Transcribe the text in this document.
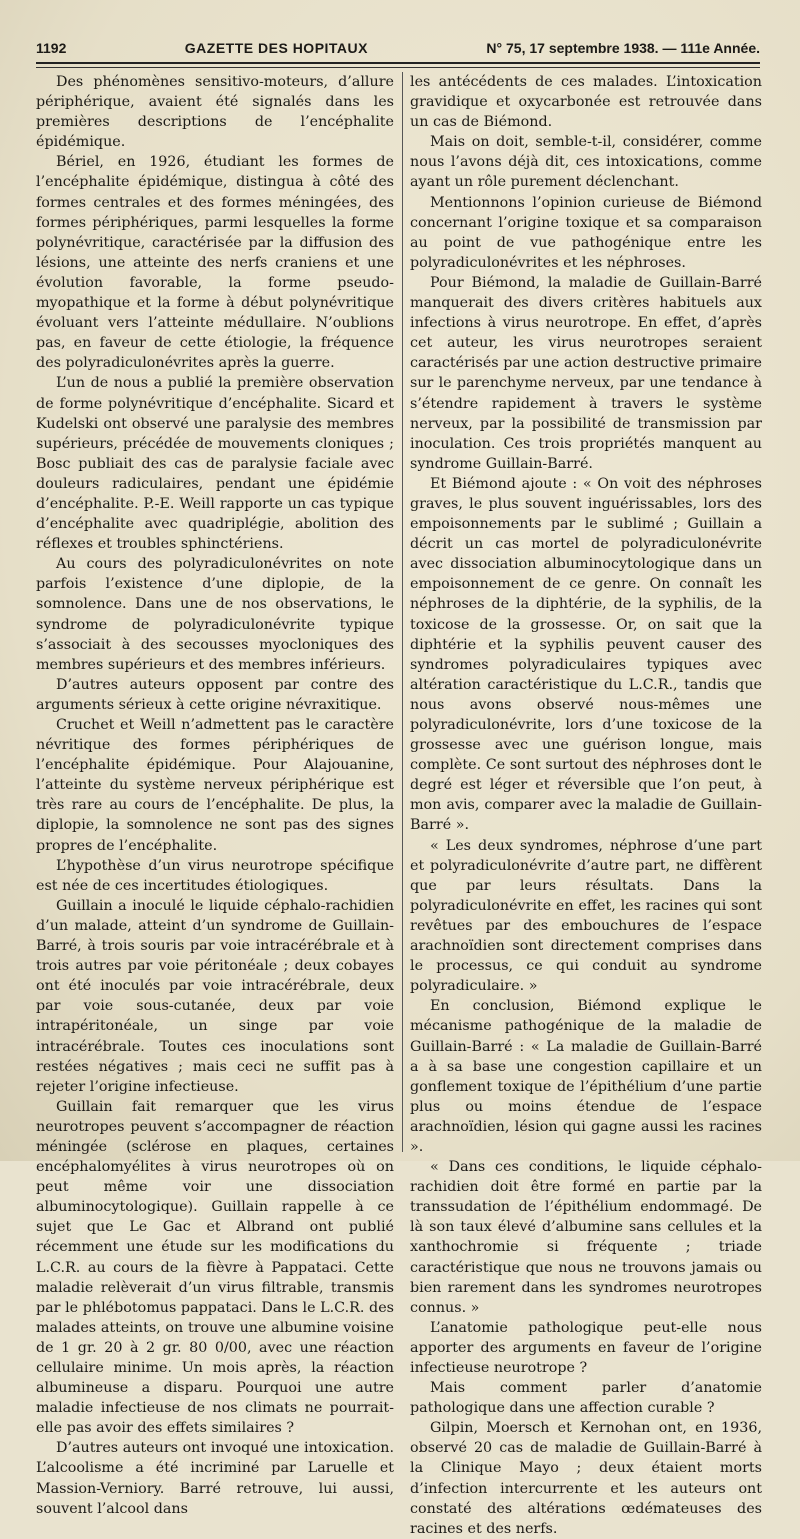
1192	GAZETTE DES HOPITAUX	N° 75, 17 septembre 1938. — 111e Année.

Des phénomènes sensitivo-moteurs, d’allure périphérique, avaient été signalés dans les premières descriptions de l’encéphalite épidémique.

Bériel, en 1926, étudiant les formes de l’encéphalite épidémique, distingua à côté des formes centrales et des formes méningées, des formes périphériques, parmi lesquelles la forme polynévritique, caractérisée par la diffusion des lésions, une atteinte des nerfs craniens et une évolution favorable, la forme pseudo-myopathique et la forme à début polynévritique évoluant vers l’atteinte médullaire. N’oublions pas, en faveur de cette étiologie, la fréquence des polyradiculonévrites après la guerre.

L’un de nous a publié la première observation de forme polynévritique d’encéphalite. Sicard et Kudelski ont observé une paralysie des membres supérieurs, précédée de mouvements cloniques ; Bosc publiait des cas de paralysie faciale avec douleurs radiculaires, pendant une épidémie d’encéphalite. P.-E. Weill rapporte un cas typique d’encéphalite avec quadriplégie, abolition des réflexes et troubles sphinctériens.

Au cours des polyradiculonévrites on note parfois l’existence d’une diplopie, de la somnolence. Dans une de nos observations, le syndrome de polyradiculonévrite typique s’associait à des secousses myocloniques des membres supérieurs et des membres inférieurs.

D’autres auteurs opposent par contre des arguments sérieux à cette origine névraxitique.

Cruchet et Weill n’admettent pas le caractère névritique des formes périphériques de l’encéphalite épidémique. Pour Alajouanine, l’atteinte du système nerveux périphérique est très rare au cours de l’encéphalite. De plus, la diplopie, la somnolence ne sont pas des signes propres de l’encéphalite.

L’hypothèse d’un virus neurotrope spécifique est née de ces incertitudes étiologiques.

Guillain a inoculé le liquide céphalo-rachidien d’un malade, atteint d’un syndrome de Guillain-Barré, à trois souris par voie intracérébrale et à trois autres par voie péritonéale ; deux cobayes ont été inoculés par voie intracérébrale, deux par voie sous-cutanée, deux par voie intrapéritonéale, un singe par voie intracérébrale. Toutes ces inoculations sont restées négatives ; mais ceci ne suffit pas à rejeter l’origine infectieuse.

Guillain fait remarquer que les virus neurotropes peuvent s’accompagner de réaction méningée (sclérose en plaques, certaines encéphalomyélites à virus neurotropes où on peut même voir une dissociation albuminocytologique). Guillain rappelle à ce sujet que Le Gac et Albrand ont publié récemment une étude sur les modifications du L.C.R. au cours de la fièvre à Pappataci. Cette maladie relèverait d’un virus filtrable, transmis par le phlébotomus pappataci. Dans le L.C.R. des malades atteints, on trouve une albumine voisine de 1 gr. 20 à 2 gr. 80 0/00, avec une réaction cellulaire minime. Un mois après, la réaction albumineuse a disparu. Pourquoi une autre maladie infectieuse de nos climats ne pourrait-elle pas avoir des effets similaires ?

D’autres auteurs ont invoqué une intoxication. L’alcoolisme a été incriminé par Laruelle et Massion-Verniory. Barré retrouve, lui aussi, souvent l’alcool dans

les antécédents de ces malades. L’intoxication gravidique et oxycarbonée est retrouvée dans un cas de Biémond.

Mais on doit, semble-t-il, considérer, comme nous l’avons déjà dit, ces intoxications, comme ayant un rôle purement déclenchant.

Mentionnons l’opinion curieuse de Biémond concernant l’origine toxique et sa comparaison au point de vue pathogénique entre les polyradiculonévrites et les néphroses.

Pour Biémond, la maladie de Guillain-Barré manquerait des divers critères habituels aux infections à virus neurotrope. En effet, d’après cet auteur, les virus neurotropes seraient caractérisés par une action destructive primaire sur le parenchyme nerveux, par une tendance à s’étendre rapidement à travers le système nerveux, par la possibilité de transmission par inoculation. Ces trois propriétés manquent au syndrome Guillain-Barré.

Et Biémond ajoute : « On voit des néphroses graves, le plus souvent inguérissables, lors des empoisonnements par le sublimé ; Guillain a décrit un cas mortel de polyradiculonévrite avec dissociation albuminocytologique dans un empoisonnement de ce genre. On connaît les néphroses de la diphtérie, de la syphilis, de la toxicose de la grossesse. Or, on sait que la diphtérie et la syphilis peuvent causer des syndromes polyradiculaires typiques avec altération caractéristique du L.C.R., tandis que nous avons observé nous-mêmes une polyradiculonévrite, lors d’une toxicose de la grossesse avec une guérison longue, mais complète. Ce sont surtout des néphroses dont le degré est léger et réversible que l’on peut, à mon avis, comparer avec la maladie de Guillain-Barré ».

« Les deux syndromes, néphrose d’une part et polyradiculonévrite d’autre part, ne diffèrent que par leurs résultats. Dans la polyradiculonévrite en effet, les racines qui sont revêtues par des embouchures de l’espace arachnoïdien sont directement comprises dans le processus, ce qui conduit au syndrome polyradiculaire. »

En conclusion, Biémond explique le mécanisme pathogénique de la maladie de Guillain-Barré : « La maladie de Guillain-Barré a à sa base une congestion capillaire et un gonflement toxique de l’épithélium d’une partie plus ou moins étendue de l’espace arachnoïdien, lésion qui gagne aussi les racines ».

« Dans ces conditions, le liquide céphalo-rachidien doit être formé en partie par la transsudation de l’épithélium endommagé. De là son taux élevé d’albumine sans cellules et la xanthochromie si fréquente ; triade caractéristique que nous ne trouvons jamais ou bien rarement dans les syndromes neurotropes connus. »

L’anatomie pathologique peut-elle nous apporter des arguments en faveur de l’origine infectieuse neurotrope ?

Mais comment parler d’anatomie pathologique dans une affection curable ?

Gilpin, Moersch et Kernohan ont, en 1936, observé 20 cas de maladie de Guillain-Barré à la Clinique Mayo ; deux étaient morts d’infection intercurrente et les auteurs ont constaté des altérations œdémateuses des racines et des nerfs.
